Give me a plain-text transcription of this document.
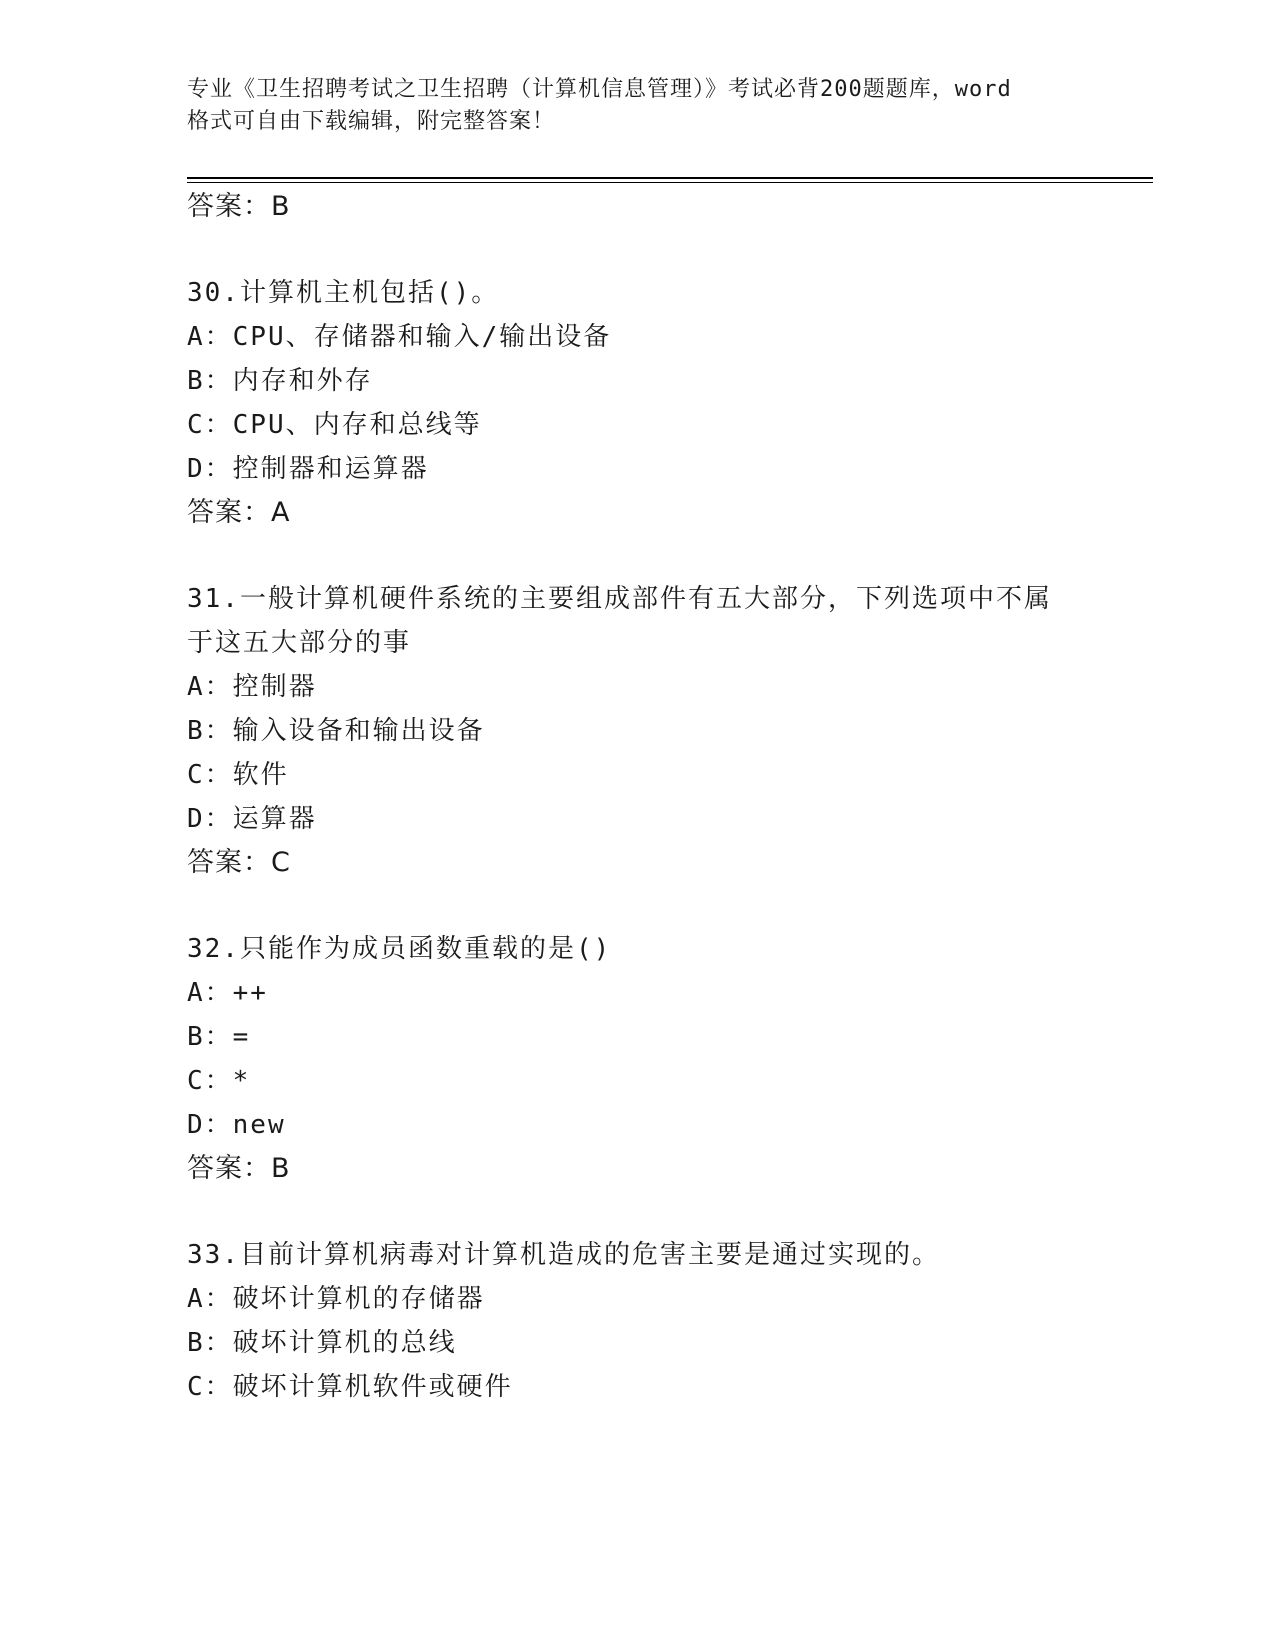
专业《卫生招聘考试之卫生招聘（计算机信息管理）》考试必背200题题库，word
格式可自由下载编辑，附完整答案！
答案：B
30.计算机主机包括()。
A：CPU、存储器和输入/输出设备
B：内存和外存
C：CPU、内存和总线等
D：控制器和运算器
答案：A
31.一般计算机硬件系统的主要组成部件有五大部分，下列选项中不属
于这五大部分的事
A：控制器
B：输入设备和输出设备
C：软件
D：运算器
答案：C
32.只能作为成员函数重载的是()
A：++
B：=
C：*
D：new
答案：B
33.目前计算机病毒对计算机造成的危害主要是通过实现的。
A：破坏计算机的存储器
B：破坏计算机的总线
C：破坏计算机软件或硬件
